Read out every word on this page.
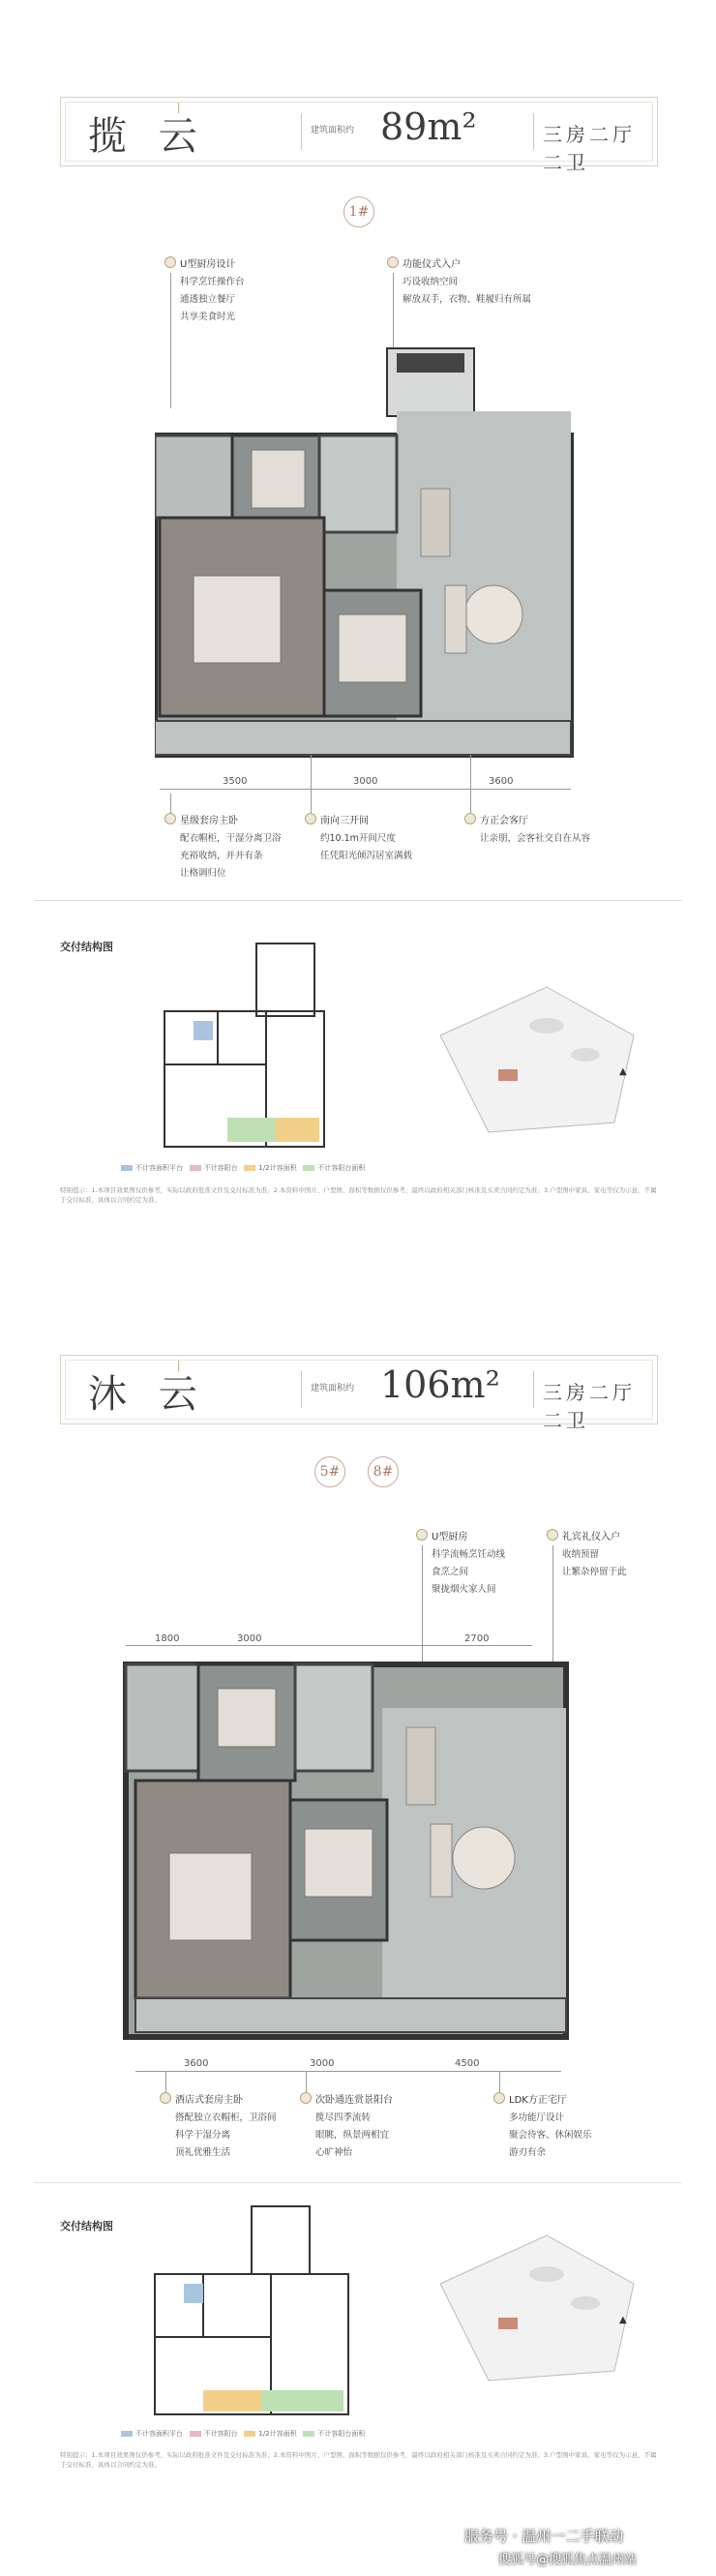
揽 云
∣
建筑面积约 89m²	三房二厅二卫
1#
U型厨房设计
科学烹饪操作台
通透独立餐厅
共享美食时光
功能仪式入户
巧设收纳空间
解放双手，衣物、鞋履归有所属
3500	3000	3600
星级套房主卧
配衣帽柜，干湿分离卫浴
充裕收纳，并并有条
让格调归位
南向三开间
约10.1m开间尺度
任凭阳光倾泻居室满载
方正会客厅
让亲朋，会客社交自在从容
交付结构图
▲
不计容面积平台	不计容阳台	1/2计容面积	不计容阳台面积
特别提示：1.本项目效果图仅供参考，实际以政府批准文件及交付标准为准；2.本资料中图片、户型图、面积等数据仅供参考，最终以政府相关部门核准及买卖合同约定为准；3.户型图中家具、家电等仅为示意，不属于交付标准，具体以合同约定为准。
沐 云
∣
建筑面积约 106m² 三房二厅二卫
5#	8#
U型厨房
科学流畅烹饪动线
食烹之间
聚拢烟火家人间
礼宾礼仪入户
收纳预留
让繁杂停留于此
1800	3000	2700
3600	3000	4500
酒店式套房主卧
搭配独立衣帽柜，卫浴间
科学干湿分离
顶礼优雅生活
次卧通连赏景阳台
揽尽四季流转
眼眺，纵景两相宜
心旷神怡
LDK方正宅厅
多功能厅设计
聚会待客、休闲娱乐
游刃有余
交付结构图
▲
不计容面积平台	不计容阳台	1/2计容面积	不计容阳台面积
特别提示：1.本项目效果图仅供参考，实际以政府批准文件及交付标准为准；2.本资料中图片、户型图、面积等数据仅供参考，最终以政府相关部门核准及买卖合同约定为准；3.户型图中家具、家电等仅为示意，不属于交付标准，具体以合同约定为准。
服务号 · 温州一二手联动
搜狐号@搜狐焦点温州站
